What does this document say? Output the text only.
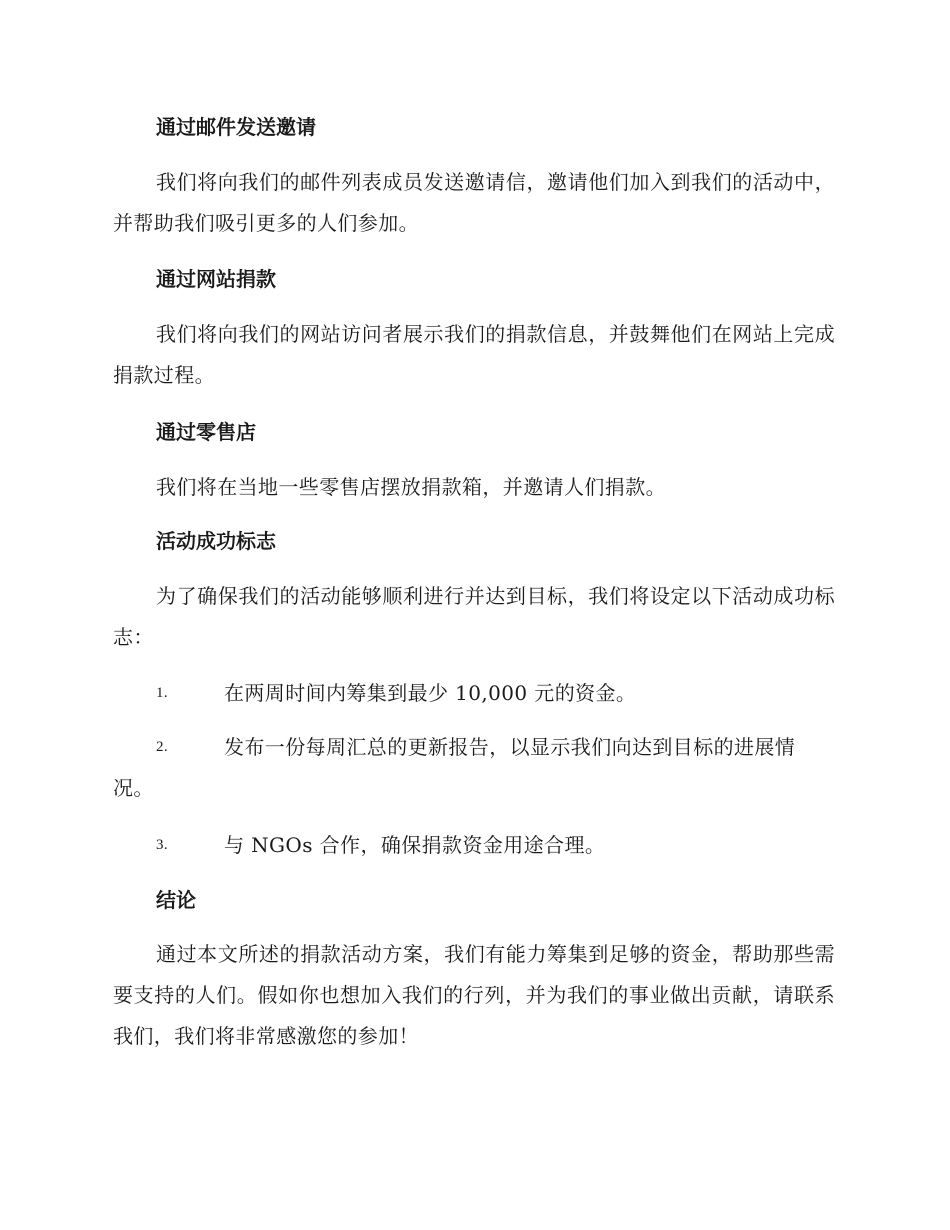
通过邮件发送邀请
我们将向我们的邮件列表成员发送邀请信，邀请他们加入到我们的活动中，并帮助我们吸引更多的人们参加。
通过网站捐款
我们将向我们的网站访问者展示我们的捐款信息，并鼓舞他们在网站上完成捐款过程。
通过零售店
我们将在当地一些零售店摆放捐款箱，并邀请人们捐款。
活动成功标志
为了确保我们的活动能够顺利进行并达到目标，我们将设定以下活动成功标志：
1.	在两周时间内筹集到最少 10,000 元的资金。
2.	发布一份每周汇总的更新报告，以显示我们向达到目标的进展情况。
3.	与 NGOs 合作，确保捐款资金用途合理。
结论
通过本文所述的捐款活动方案，我们有能力筹集到足够的资金，帮助那些需要支持的人们。假如你也想加入我们的行列，并为我们的事业做出贡献，请联系我们，我们将非常感激您的参加！
